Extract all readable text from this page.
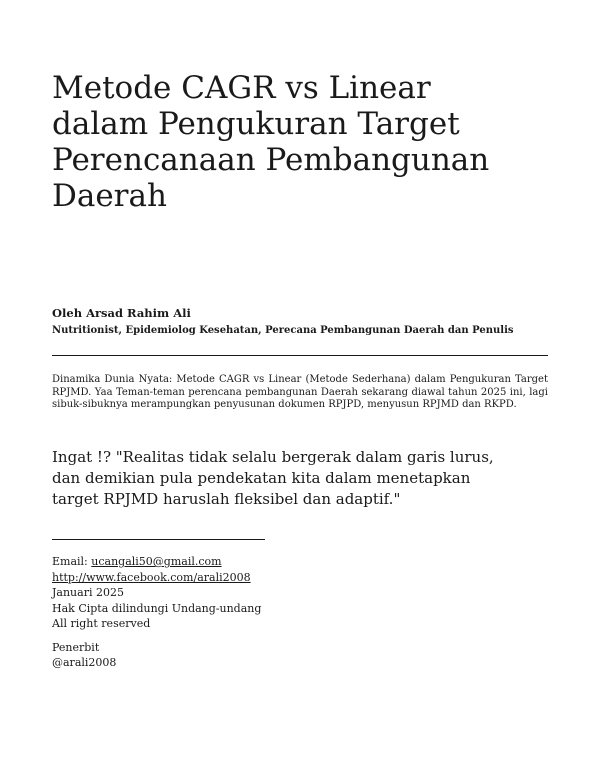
Metode CAGR vs Linear
dalam Pengukuran Target
Perencanaan Pembangunan
Daerah
Oleh Arsad Rahim Ali
Nutritionist, Epidemiolog Kesehatan, Perecana Pembangunan Daerah dan Penulis

Dinamika Dunia Nyata: Metode CAGR vs Linear (Metode Sederhana) dalam Pengukuran Target RPJMD. Yaa Teman-teman perencana pembangunan Daerah sekarang diawal tahun 2025 ini, lagi sibuk-sibuknya merampungkan penyusunan dokumen RPJPD, menyusun RPJMD dan RKPD.

Ingat !? "Realitas tidak selalu bergerak dalam garis lurus,
dan demikian pula pendekatan kita dalam menetapkan
target RPJMD haruslah fleksibel dan adaptif."

Email: ucangali50@gmail.com
http://www.facebook.com/arali2008
Januari 2025
Hak Cipta dilindungi Undang-undang
All right reserved
Penerbit
@arali2008
